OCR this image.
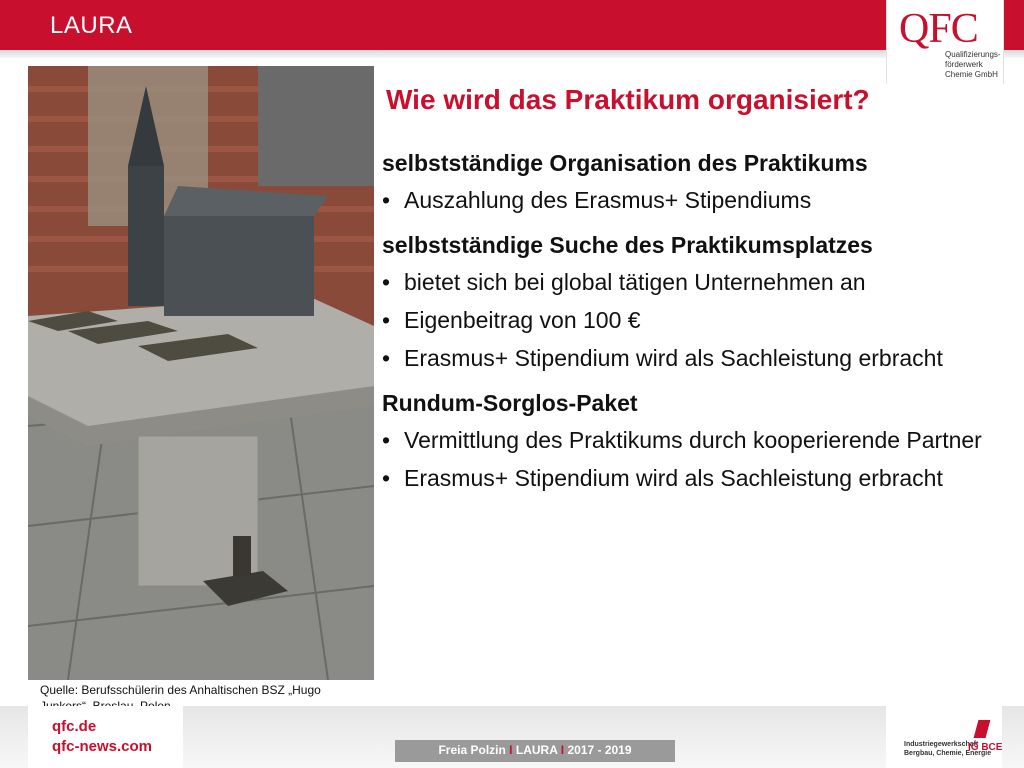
LAURA	QFC
Qualifizierungs- förderwerk Chemie GmbH
Wie wird das Praktikum organisiert?
Quelle: Berufsschülerin des Anhaltischen BSZ „Hugo
selbstständige Organisation des Praktikums
• Auszahlung des Erasmus+ Stipendiums
selbstständige Suche des Praktikumsplatzes
• bietet sich bei global tätigen Unternehmen an
• Eigenbeitrag von 100 €
• Erasmus+ Stipendium wird als Sachleistung erbracht
Rundum-Sorglos-Paket
• Vermittlung des Praktikums durch kooperierende Partner
• Erasmus+ Stipendium wird als Sachleistung erbracht
qfc.de
qfc-news.com	Freia Polzin I LAURA I 2017 - 2019	Industriegewerkschaft
Bergbau, Chemie, Energie
IG BCE
